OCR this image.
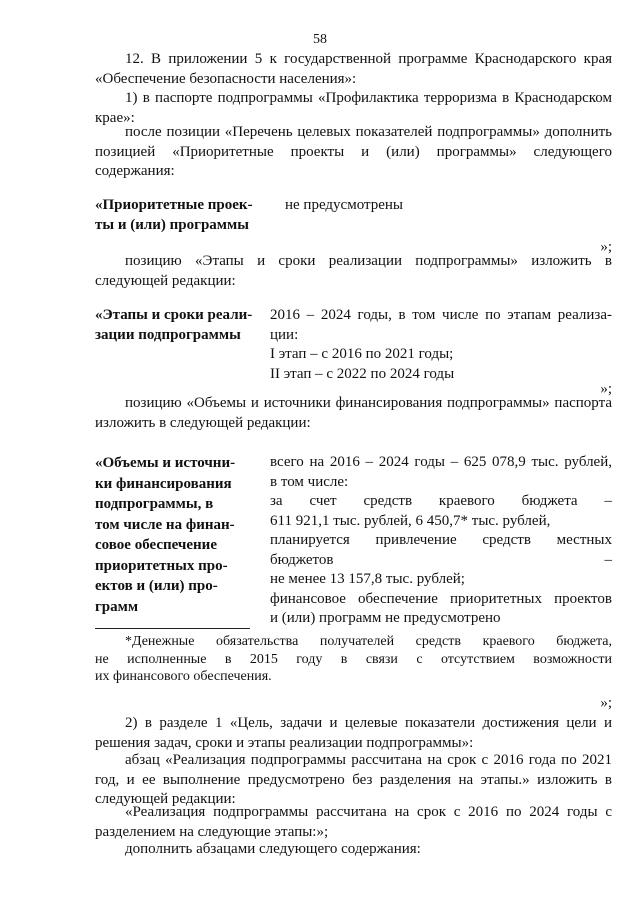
58

12. В приложении 5 к государственной программе Краснодарского края «Обеспечение безопасности населения»:

1) в паспорте подпрограммы «Профилактика терроризма в Краснодарском крае»:

после позиции «Перечень целевых показателей подпрограммы» дополнить позицией «Приоритетные проекты и (или) программы» следующего содержания:

«Приоритетные проек-
ты и (или) программы
не предусмотрены
»;

позицию «Этапы и сроки реализации подпрограммы» изложить в следующей редакции:

«Этапы и сроки реали-
зации подпрограммы
2016 – 2024 годы, в том числе по этапам реализа-
ции:
I этап – с 2016 по 2021 годы;
II этап – с 2022 по 2024 годы
»;

позицию «Объемы и источники финансирования подпрограммы» паспорта изложить в следующей редакции:

«Объемы и источни-
ки финансирования
подпрограммы, в
том числе на финан-
совое обеспечение
приоритетных про-
ектов и (или) про-
грамм
всего на 2016 – 2024 годы – 625 078,9 тыс. рублей,
в том числе:
за счет средств краевого бюджета –
611 921,1 тыс. рублей, 6 450,7* тыс. рублей,
планируется привлечение средств местных бюджетов –
не менее 13 157,8 тыс. рублей;
финансовое обеспечение приоритетных проектов
и (или) программ не предусмотрено

*Денежные обязательства получателей средств краевого бюджета,
не исполненные в 2015 году в связи с отсутствием возможности
их финансового обеспечения.

»;

2) в разделе 1 «Цель, задачи и целевые показатели достижения цели и решения задач, сроки и этапы реализации подпрограммы»:

абзац «Реализация подпрограммы рассчитана на срок с 2016 года по 2021 год, и ее выполнение предусмотрено без разделения на этапы.» изложить в следующей редакции:

«Реализация подпрограммы рассчитана на срок с 2016 по 2024 годы с разделением на следующие этапы:»;

дополнить абзацами следующего содержания:
